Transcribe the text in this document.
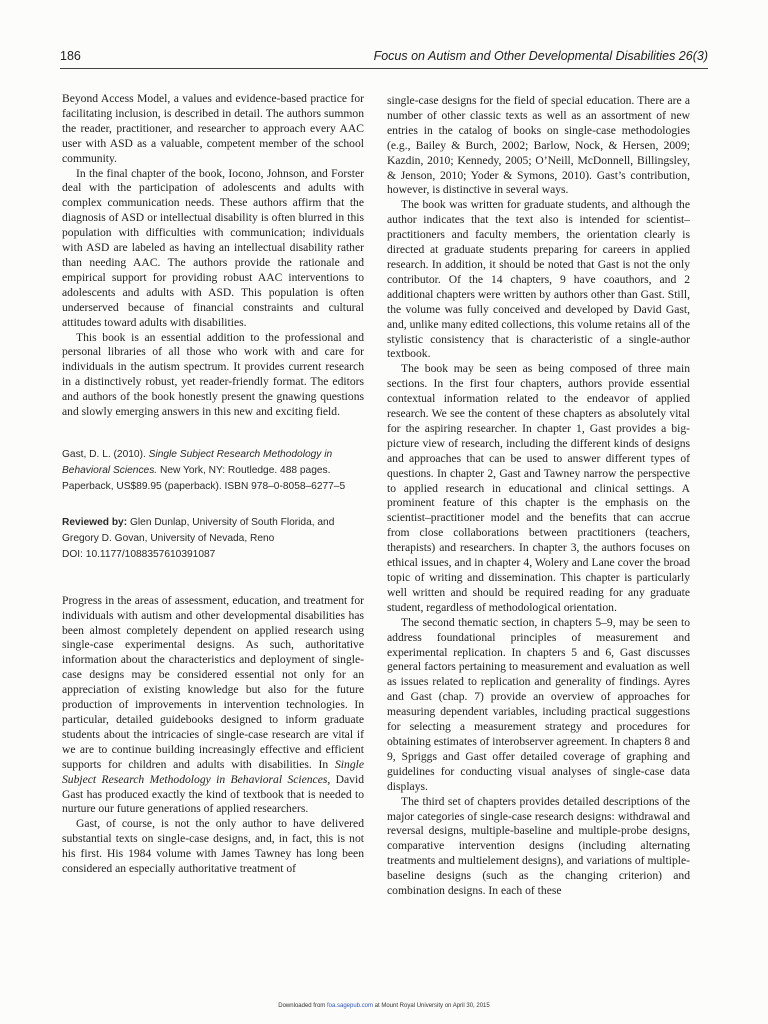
186	Focus on Autism and Other Developmental Disabilities 26(3)

Beyond Access Model, a values and evidence-based practice for facilitating inclusion, is described in detail. The authors summon the reader, practitioner, and researcher to approach every AAC user with ASD as a valuable, competent member of the school community.

In the final chapter of the book, Iocono, Johnson, and Forster deal with the participation of adolescents and adults with complex communication needs. These authors affirm that the diagnosis of ASD or intellectual disability is often blurred in this population with difficulties with communication; individuals with ASD are labeled as having an intellectual disability rather than needing AAC. The authors provide the rationale and empirical support for providing robust AAC interventions to adolescents and adults with ASD. This population is often underserved because of financial constraints and cultural attitudes toward adults with disabilities.

This book is an essential addition to the professional and personal libraries of all those who work with and care for individuals in the autism spectrum. It provides current research in a distinctively robust, yet reader-friendly format. The editors and authors of the book honestly present the gnawing questions and slowly emerging answers in this new and exciting field.

Gast, D. L. (2010). Single Subject Research Methodology in Behavioral Sciences. New York, NY: Routledge. 488 pages. Paperback, US$89.95 (paperback). ISBN 978–0-8058–6277–5
Reviewed by: Glen Dunlap, University of South Florida, and Gregory D. Govan, University of Nevada, Reno
DOI: 10.1177/1088357610391087

Progress in the areas of assessment, education, and treatment for individuals with autism and other developmental disabilities has been almost completely dependent on applied research using single-case experimental designs. As such, authoritative information about the characteristics and deployment of single-case designs may be considered essential not only for an appreciation of existing knowledge but also for the future production of improvements in intervention technologies. In particular, detailed guidebooks designed to inform graduate students about the intricacies of single-case research are vital if we are to continue building increasingly effective and efficient supports for children and adults with disabilities. In Single Subject Research Methodology in Behavioral Sciences, David Gast has produced exactly the kind of textbook that is needed to nurture our future generations of applied researchers.

Gast, of course, is not the only author to have delivered substantial texts on single-case designs, and, in fact, this is not his first. His 1984 volume with James Tawney has long been considered an especially authoritative treatment of

single-case designs for the field of special education. There are a number of other classic texts as well as an assortment of new entries in the catalog of books on single-case methodologies (e.g., Bailey & Burch, 2002; Barlow, Nock, & Hersen, 2009; Kazdin, 2010; Kennedy, 2005; O’Neill, McDonnell, Billingsley, & Jenson, 2010; Yoder & Symons, 2010). Gast’s contribution, however, is distinctive in several ways.

The book was written for graduate students, and although the author indicates that the text also is intended for scientist–practitioners and faculty members, the orientation clearly is directed at graduate students preparing for careers in applied research. In addition, it should be noted that Gast is not the only contributor. Of the 14 chapters, 9 have coauthors, and 2 additional chapters were written by authors other than Gast. Still, the volume was fully conceived and developed by David Gast, and, unlike many edited collections, this volume retains all of the stylistic consistency that is characteristic of a single-author textbook.

The book may be seen as being composed of three main sections. In the first four chapters, authors provide essential contextual information related to the endeavor of applied research. We see the content of these chapters as absolutely vital for the aspiring researcher. In chapter 1, Gast provides a big-picture view of research, including the different kinds of designs and approaches that can be used to answer different types of questions. In chapter 2, Gast and Tawney narrow the perspective to applied research in educational and clinical settings. A prominent feature of this chapter is the emphasis on the scientist–practitioner model and the benefits that can accrue from close collaborations between practitioners (teachers, therapists) and researchers. In chapter 3, the authors focuses on ethical issues, and in chapter 4, Wolery and Lane cover the broad topic of writing and dissemination. This chapter is particularly well written and should be required reading for any graduate student, regardless of methodological orientation.

The second thematic section, in chapters 5–9, may be seen to address foundational principles of measurement and experimental replication. In chapters 5 and 6, Gast discusses general factors pertaining to measurement and evaluation as well as issues related to replication and generality of findings. Ayres and Gast (chap. 7) provide an overview of approaches for measuring dependent variables, including practical suggestions for selecting a measurement strategy and procedures for obtaining estimates of interobserver agreement. In chapters 8 and 9, Spriggs and Gast offer detailed coverage of graphing and guidelines for conducting visual analyses of single-case data displays.

The third set of chapters provides detailed descriptions of the major categories of single-case research designs: withdrawal and reversal designs, multiple-baseline and multiple-probe designs, comparative intervention designs (including alternating treatments and multielement designs), and variations of multiple-baseline designs (such as the changing criterion) and combination designs. In each of these

Downloaded from foa.sagepub.com at Mount Royal University on April 30, 2015
